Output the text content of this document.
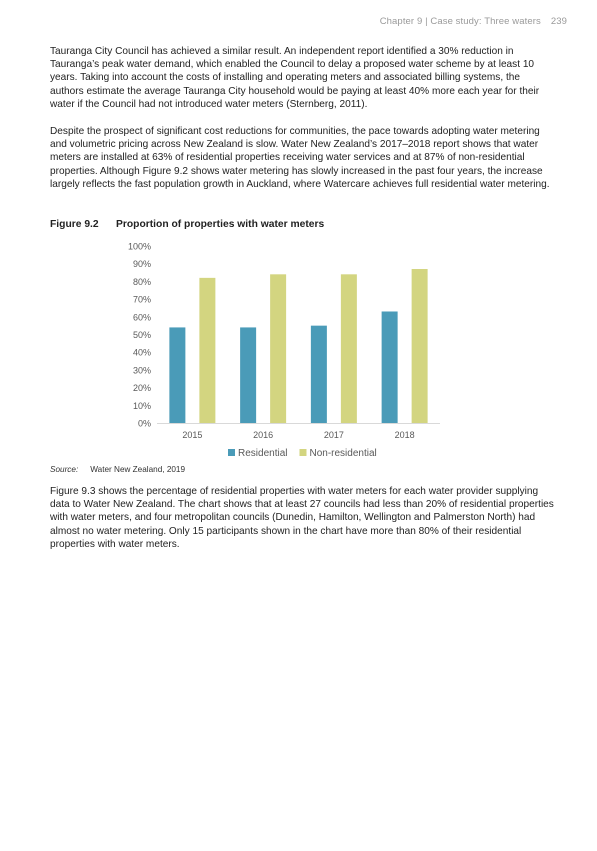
Chapter 9 | Case study: Three waters 239

Tauranga City Council has achieved a similar result. An independent report identified a 30% reduction in Tauranga’s peak water demand, which enabled the Council to delay a proposed water scheme by at least 10 years. Taking into account the costs of installing and operating meters and associated billing systems, the authors estimate the average Tauranga City household would be paying at least 40% more each year for their water if the Council had not introduced water meters (Sternberg, 2011).

Despite the prospect of significant cost reductions for communities, the pace towards adopting water metering and volumetric pricing across New Zealand is slow. Water New Zealand’s 2017–2018 report shows that water meters are installed at 63% of residential properties receiving water services and at 87% of non-residential properties. Although Figure 9.2 shows water metering has slowly increased in the past four years, the increase largely reflects the fast population growth in Auckland, where Watercare achieves full residential water metering.

Figure 9.2 Proportion of properties with water meters
0%
10%
20%
30%
40%
50%
60%
70%
80%
90%
100%
2015	2016	2017	2018
Residential Non-residential
Source: Water New Zealand, 2019

Figure 9.3 shows the percentage of residential properties with water meters for each water provider supplying data to Water New Zealand. The chart shows that at least 27 councils had less than 20% of residential properties with water meters, and four metropolitan councils (Dunedin, Hamilton, Wellington and Palmerston North) had almost no water metering. Only 15 participants shown in the chart have more than 80% of their residential properties with water meters.
